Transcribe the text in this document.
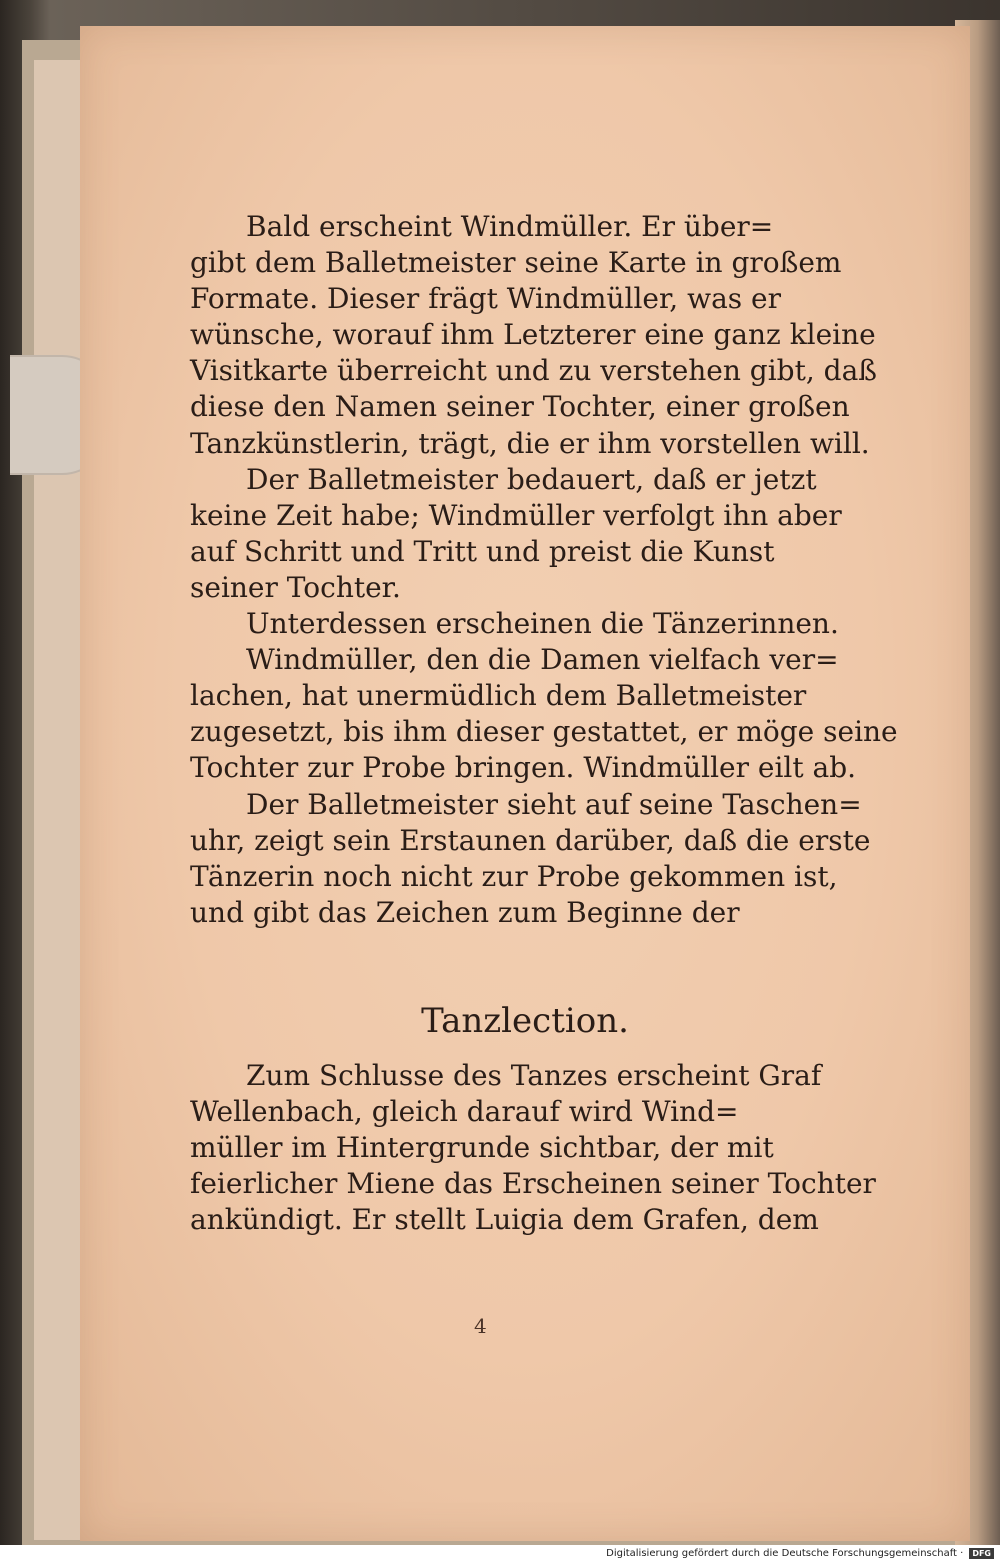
Bald erscheint Windmüller. Er über=
gibt dem Balletmeister seine Karte in großem
Formate. Dieser frägt Windmüller, was er
wünsche, worauf ihm Letzterer eine ganz kleine
Visitkarte überreicht und zu verstehen gibt, daß
diese den Namen seiner Tochter, einer großen
Tanzkünstlerin, trägt, die er ihm vorstellen will.
Der Balletmeister bedauert, daß er jetzt
keine Zeit habe; Windmüller verfolgt ihn aber
auf Schritt und Tritt und preist die Kunst
seiner Tochter.
Unterdessen erscheinen die Tänzerinnen.
Windmüller, den die Damen vielfach ver=
lachen, hat unermüdlich dem Balletmeister
zugesetzt, bis ihm dieser gestattet, er möge seine
Tochter zur Probe bringen. Windmüller eilt ab.
Der Balletmeister sieht auf seine Taschen=
uhr, zeigt sein Erstaunen darüber, daß die erste
Tänzerin noch nicht zur Probe gekommen ist,
und gibt das Zeichen zum Beginne der
Tanzlection.
Zum Schlusse des Tanzes erscheint Graf
Wellenbach, gleich darauf wird Wind=
müller im Hintergrunde sichtbar, der mit
feierlicher Miene das Erscheinen seiner Tochter
ankündigt. Er stellt Luigia dem Grafen, dem
4
Digitalisierung gefördert durch die Deutsche Forschungsgemeinschaft ·	DFG
